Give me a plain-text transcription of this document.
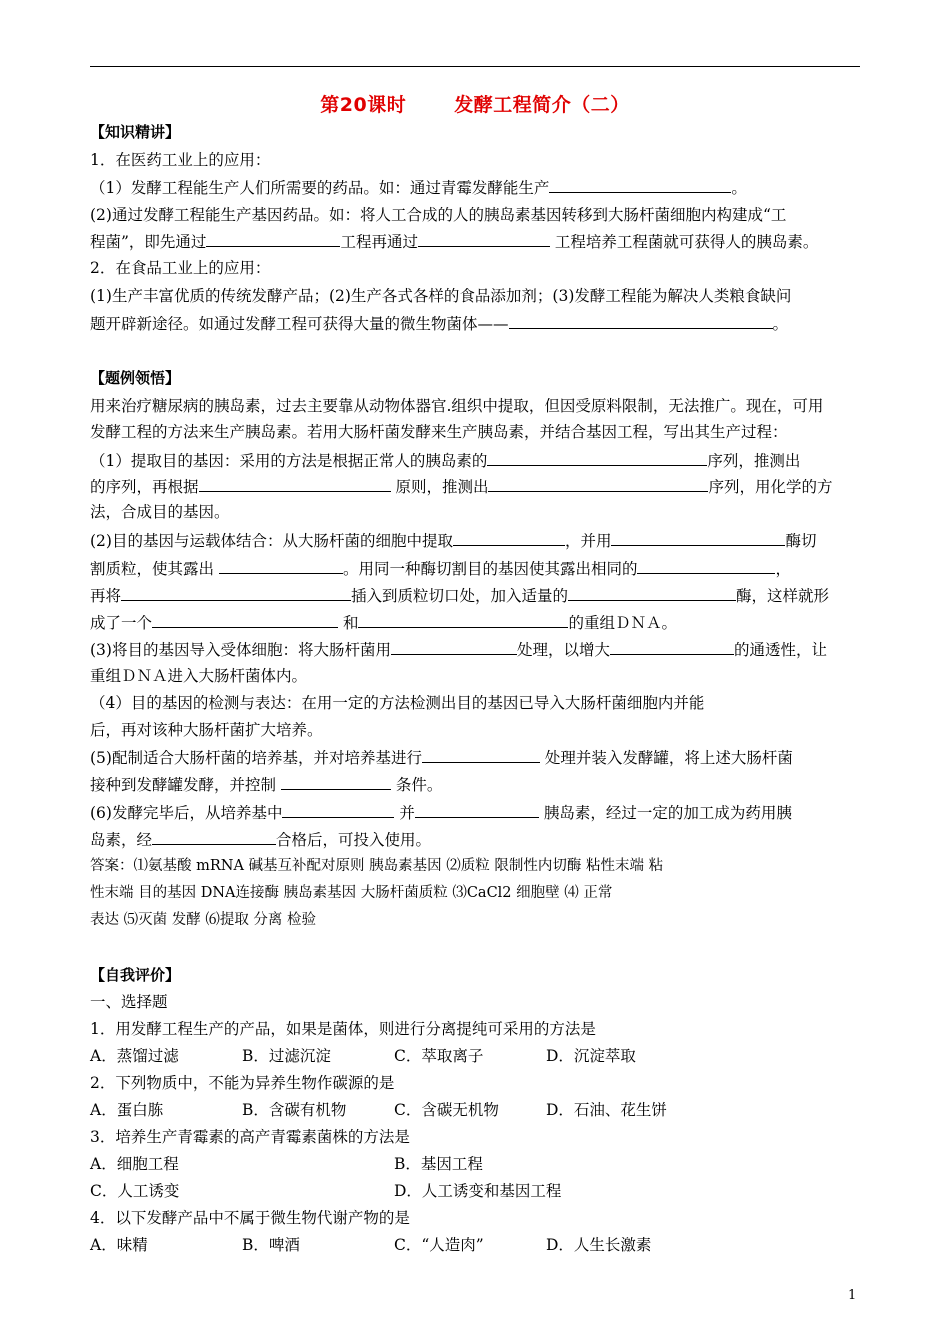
第20课时	发酵工程简介（二）
【知识精讲】
1．在医药工业上的应用：
（1）发酵工程能生产人们所需要的药品。如：通过青霉发酵能生产	。
(2)通过发酵工程能生产基因药品。如：将人工合成的人的胰岛素基因转移到大肠杆菌细胞内构建成“工
程菌”，即先通过	工程再通过	工程培养工程菌就可获得人的胰岛素。
2．在食品工业上的应用：
(1)生产丰富优质的传统发酵产品；(2)生产各式各样的食品添加剂；(3)发酵工程能为解决人类粮食缺问
题开辟新途径。如通过发酵工程可获得大量的微生物菌体——	。
【题例领悟】
用来治疗糖尿病的胰岛素，过去主要靠从动物体器官.组织中提取，但因受原料限制，无法推广。现在，可用
发酵工程的方法来生产胰岛素。若用大肠杆菌发酵来生产胰岛素，并结合基因工程，写出其生产过程：
（1）提取目的基因：采用的方法是根据正常人的胰岛素的	序列，推测出
的序列，再根据	原则，推测出	序列，用化学的方
法，合成目的基因。
(2)目的基因与运载体结合：从大肠杆菌的细胞中提取	，并用	酶切
割质粒，使其露出	。用同一种酶切割目的基因使其露出相同的	，
再将	插入到质粒切口处，加入适量的	酶，这样就形
成了一个	和	的重组ＤＮＡ。
(3)将目的基因导入受体细胞：将大肠杆菌用	处理，以增大	的通透性，让
重组ＤＮＡ进入大肠杆菌体内。
（4）目的基因的检测与表达：在用一定的方法检测出目的基因已导入大肠杆菌细胞内并能
后，再对该种大肠杆菌扩大培养。
(5)配制适合大肠杆菌的培养基，并对培养基进行	处理并装入发酵罐，将上述大肠杆菌
接种到发酵罐发酵，并控制	条件。
(6)发酵完毕后，从培养基中	并	胰岛素，经过一定的加工成为药用胰
岛素，经	合格后，可投入使用。
答案：⑴氨基酸 mRNA 碱基互补配对原则 胰岛素基因 ⑵质粒 限制性内切酶 粘性末端 粘
性末端 目的基因 DNA连接酶 胰岛素基因 大肠杆菌质粒 ⑶CaCl2 细胞壁 ⑷ 正常
表达 ⑸灭菌 发酵 ⑹提取 分离 检验
【自我评价】
一、选择题
1．用发酵工程生产的产品，如果是菌体，则进行分离提纯可采用的方法是
A．蒸馏过滤	B．过滤沉淀	C．萃取离子	D．沉淀萃取
2．下列物质中，不能为异养生物作碳源的是
A．蛋白胨	B．含碳有机物	C．含碳无机物	D．石油、花生饼
3．培养生产青霉素的高产青霉素菌株的方法是
A．细胞工程	B．基因工程
C．人工诱变	D．人工诱变和基因工程
4．以下发酵产品中不属于微生物代谢产物的是
A．味精	B．啤酒	C．“人造肉”	D．人生长激素
1
